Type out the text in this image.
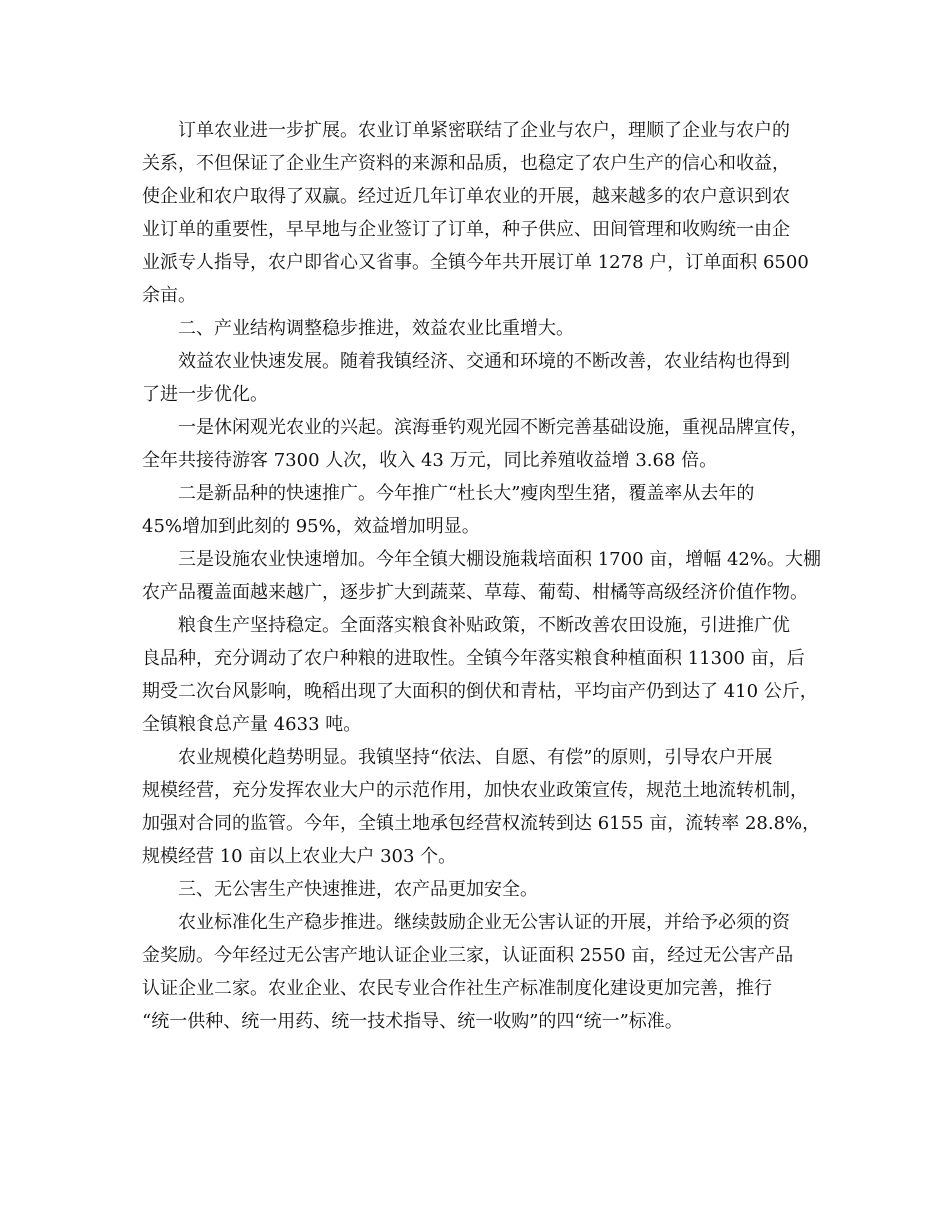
订单农业进一步扩展。农业订单紧密联结了企业与农户，理顺了企业与农户的
关系，不但保证了企业生产资料的来源和品质，也稳定了农户生产的信心和收益，
使企业和农户取得了双赢。经过近几年订单农业的开展，越来越多的农户意识到农
业订单的重要性，早早地与企业签订了订单，种子供应、田间管理和收购统一由企
业派专人指导，农户即省心又省事。全镇今年共开展订单 1278 户，订单面积 6500
余亩。
二、产业结构调整稳步推进，效益农业比重增大。
效益农业快速发展。随着我镇经济、交通和环境的不断改善，农业结构也得到
了进一步优化。
一是休闲观光农业的兴起。滨海垂钓观光园不断完善基础设施，重视品牌宣传，
全年共接待游客 7300 人次，收入 43 万元，同比养殖收益增 3.68 倍。
二是新品种的快速推广。今年推广“杜长大”瘦肉型生猪，覆盖率从去年的
45%增加到此刻的 95%，效益增加明显。
三是设施农业快速增加。今年全镇大棚设施栽培面积 1700 亩，增幅 42%。大棚
农产品覆盖面越来越广，逐步扩大到蔬菜、草莓、葡萄、柑橘等高级经济价值作物。
粮食生产坚持稳定。全面落实粮食补贴政策，不断改善农田设施，引进推广优
良品种，充分调动了农户种粮的进取性。全镇今年落实粮食种植面积 11300 亩，后
期受二次台风影响，晚稻出现了大面积的倒伏和青枯，平均亩产仍到达了 410 公斤，
全镇粮食总产量 4633 吨。
农业规模化趋势明显。我镇坚持“依法、自愿、有偿”的原则，引导农户开展
规模经营，充分发挥农业大户的示范作用，加快农业政策宣传，规范土地流转机制，
加强对合同的监管。今年，全镇土地承包经营权流转到达 6155 亩，流转率 28.8%，
规模经营 10 亩以上农业大户 303 个。
三、无公害生产快速推进，农产品更加安全。
农业标准化生产稳步推进。继续鼓励企业无公害认证的开展，并给予必须的资
金奖励。今年经过无公害产地认证企业三家，认证面积 2550 亩，经过无公害产品
认证企业二家。农业企业、农民专业合作社生产标准制度化建设更加完善，推行
“统一供种、统一用药、统一技术指导、统一收购”的四“统一”标准。
